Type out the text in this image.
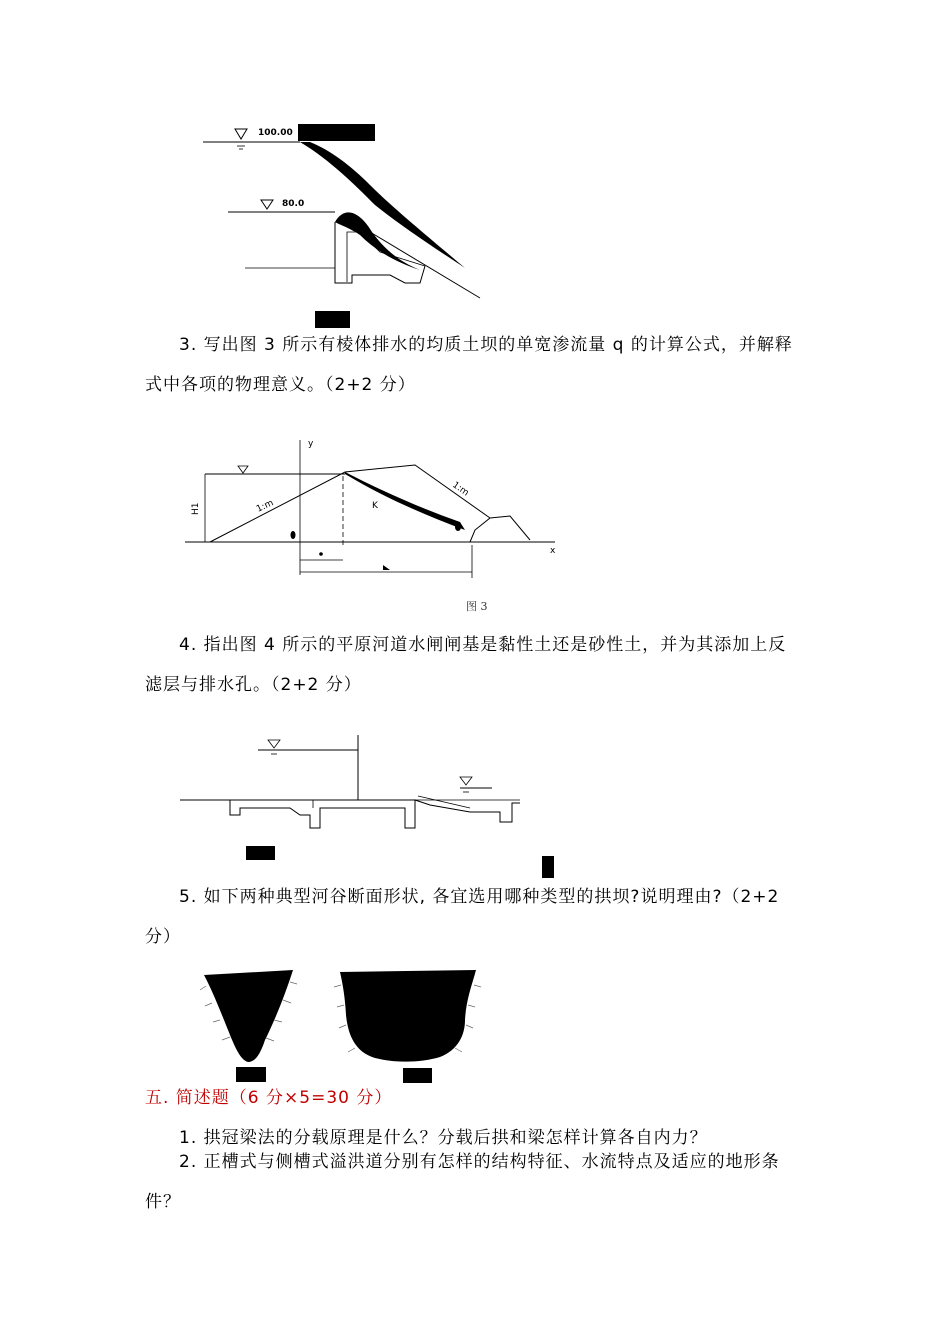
100.00
80.0
3. 写出图 3 所示有棱体排水的均质土坝的单宽渗流量 q 的计算公式，并解释
式中各项的物理意义。（2+2 分）
y
x
H1	1:m
1:m
K
图 3
4. 指出图 4 所示的平原河道水闸闸基是黏性土还是砂性土，并为其添加上反
滤层与排水孔。（2+2 分）
5. 如下两种典型河谷断面形状, 各宜选用哪种类型的拱坝?说明理由?（2+2
分）
五. 简述题（6 分×5=30 分）
1. 拱冠梁法的分载原理是什么？分载后拱和梁怎样计算各自内力？
2. 正槽式与侧槽式溢洪道分别有怎样的结构特征、水流特点及适应的地形条
件？
